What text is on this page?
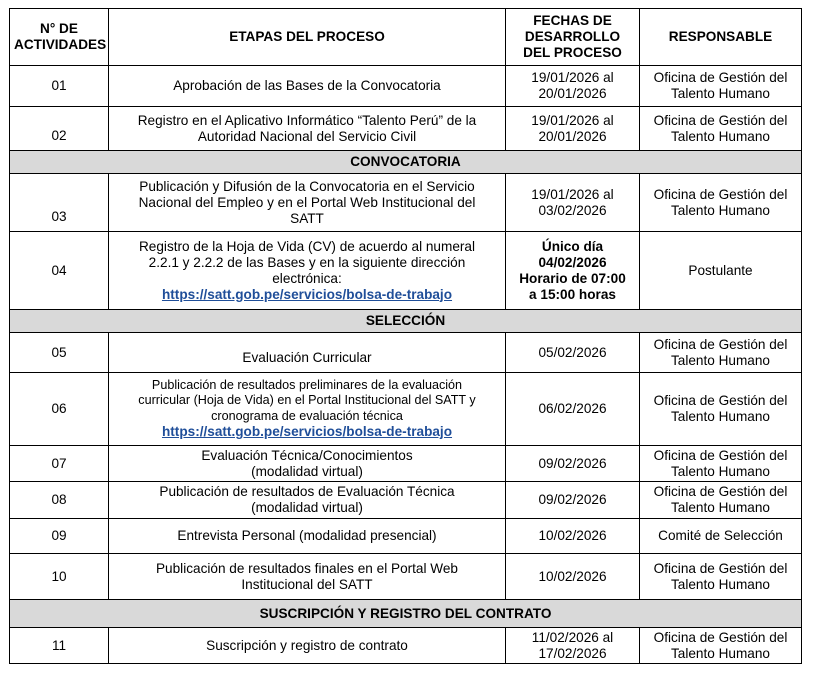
N° DE
ACTIVIDADES	ETAPAS DEL PROCESO	FECHAS DE
DESARROLLO
DEL PROCESO	RESPONSABLE
01	Aprobación de las Bases de la Convocatoria	19/01/2026 al
20/01/2026	Oficina de Gestión del
Talento Humano

02	Registro en el Aplicativo Informático “Talento Perú” de la
Autoridad Nacional del Servicio Civil	19/01/2026 al
20/01/2026	Oficina de Gestión del
Talento Humano

CONVOCATORIA			
03	Publicación y Difusión de la Convocatoria en el Servicio
Nacional del Empleo y en el Portal Web Institucional del
SATT	19/01/2026 al
03/02/2026	Oficina de Gestión del
Talento Humano

04	Registro de la Hoja de Vida (CV) de acuerdo al numeral
2.2.1 y 2.2.2 de las Bases y en la siguiente dirección
electrónica:
https://satt.gob.pe/servicios/bolsa-de-trabajo	Único día
04/02/2026
Horario de 07:00
a 15:00 horas	Postulante

SELECCIÓN			
05	Evaluación Curricular	05/02/2026	Oficina de Gestión del
Talento Humano

06	Publicación de resultados preliminares de la evaluación
curricular (Hoja de Vida) en el Portal Institucional del SATT y
cronograma de evaluación técnica
https://satt.gob.pe/servicios/bolsa-de-trabajo	06/02/2026	Oficina de Gestión del
Talento Humano

07	Evaluación Técnica/Conocimientos
(modalidad virtual)	09/02/2026	Oficina de Gestión del
Talento Humano

08	Publicación de resultados de Evaluación Técnica
(modalidad virtual)	09/02/2026	Oficina de Gestión del
Talento Humano

09	Entrevista Personal (modalidad presencial)	10/02/2026	Comité de Selección

10	Publicación de resultados finales en el Portal Web
Institucional del SATT	10/02/2026	Oficina de Gestión del
Talento Humano

SUSCRIPCIÓN Y REGISTRO DEL CONTRATO			
11	Suscripción y registro de contrato	11/02/2026 al
17/02/2026	Oficina de Gestión del
Talento Humano
